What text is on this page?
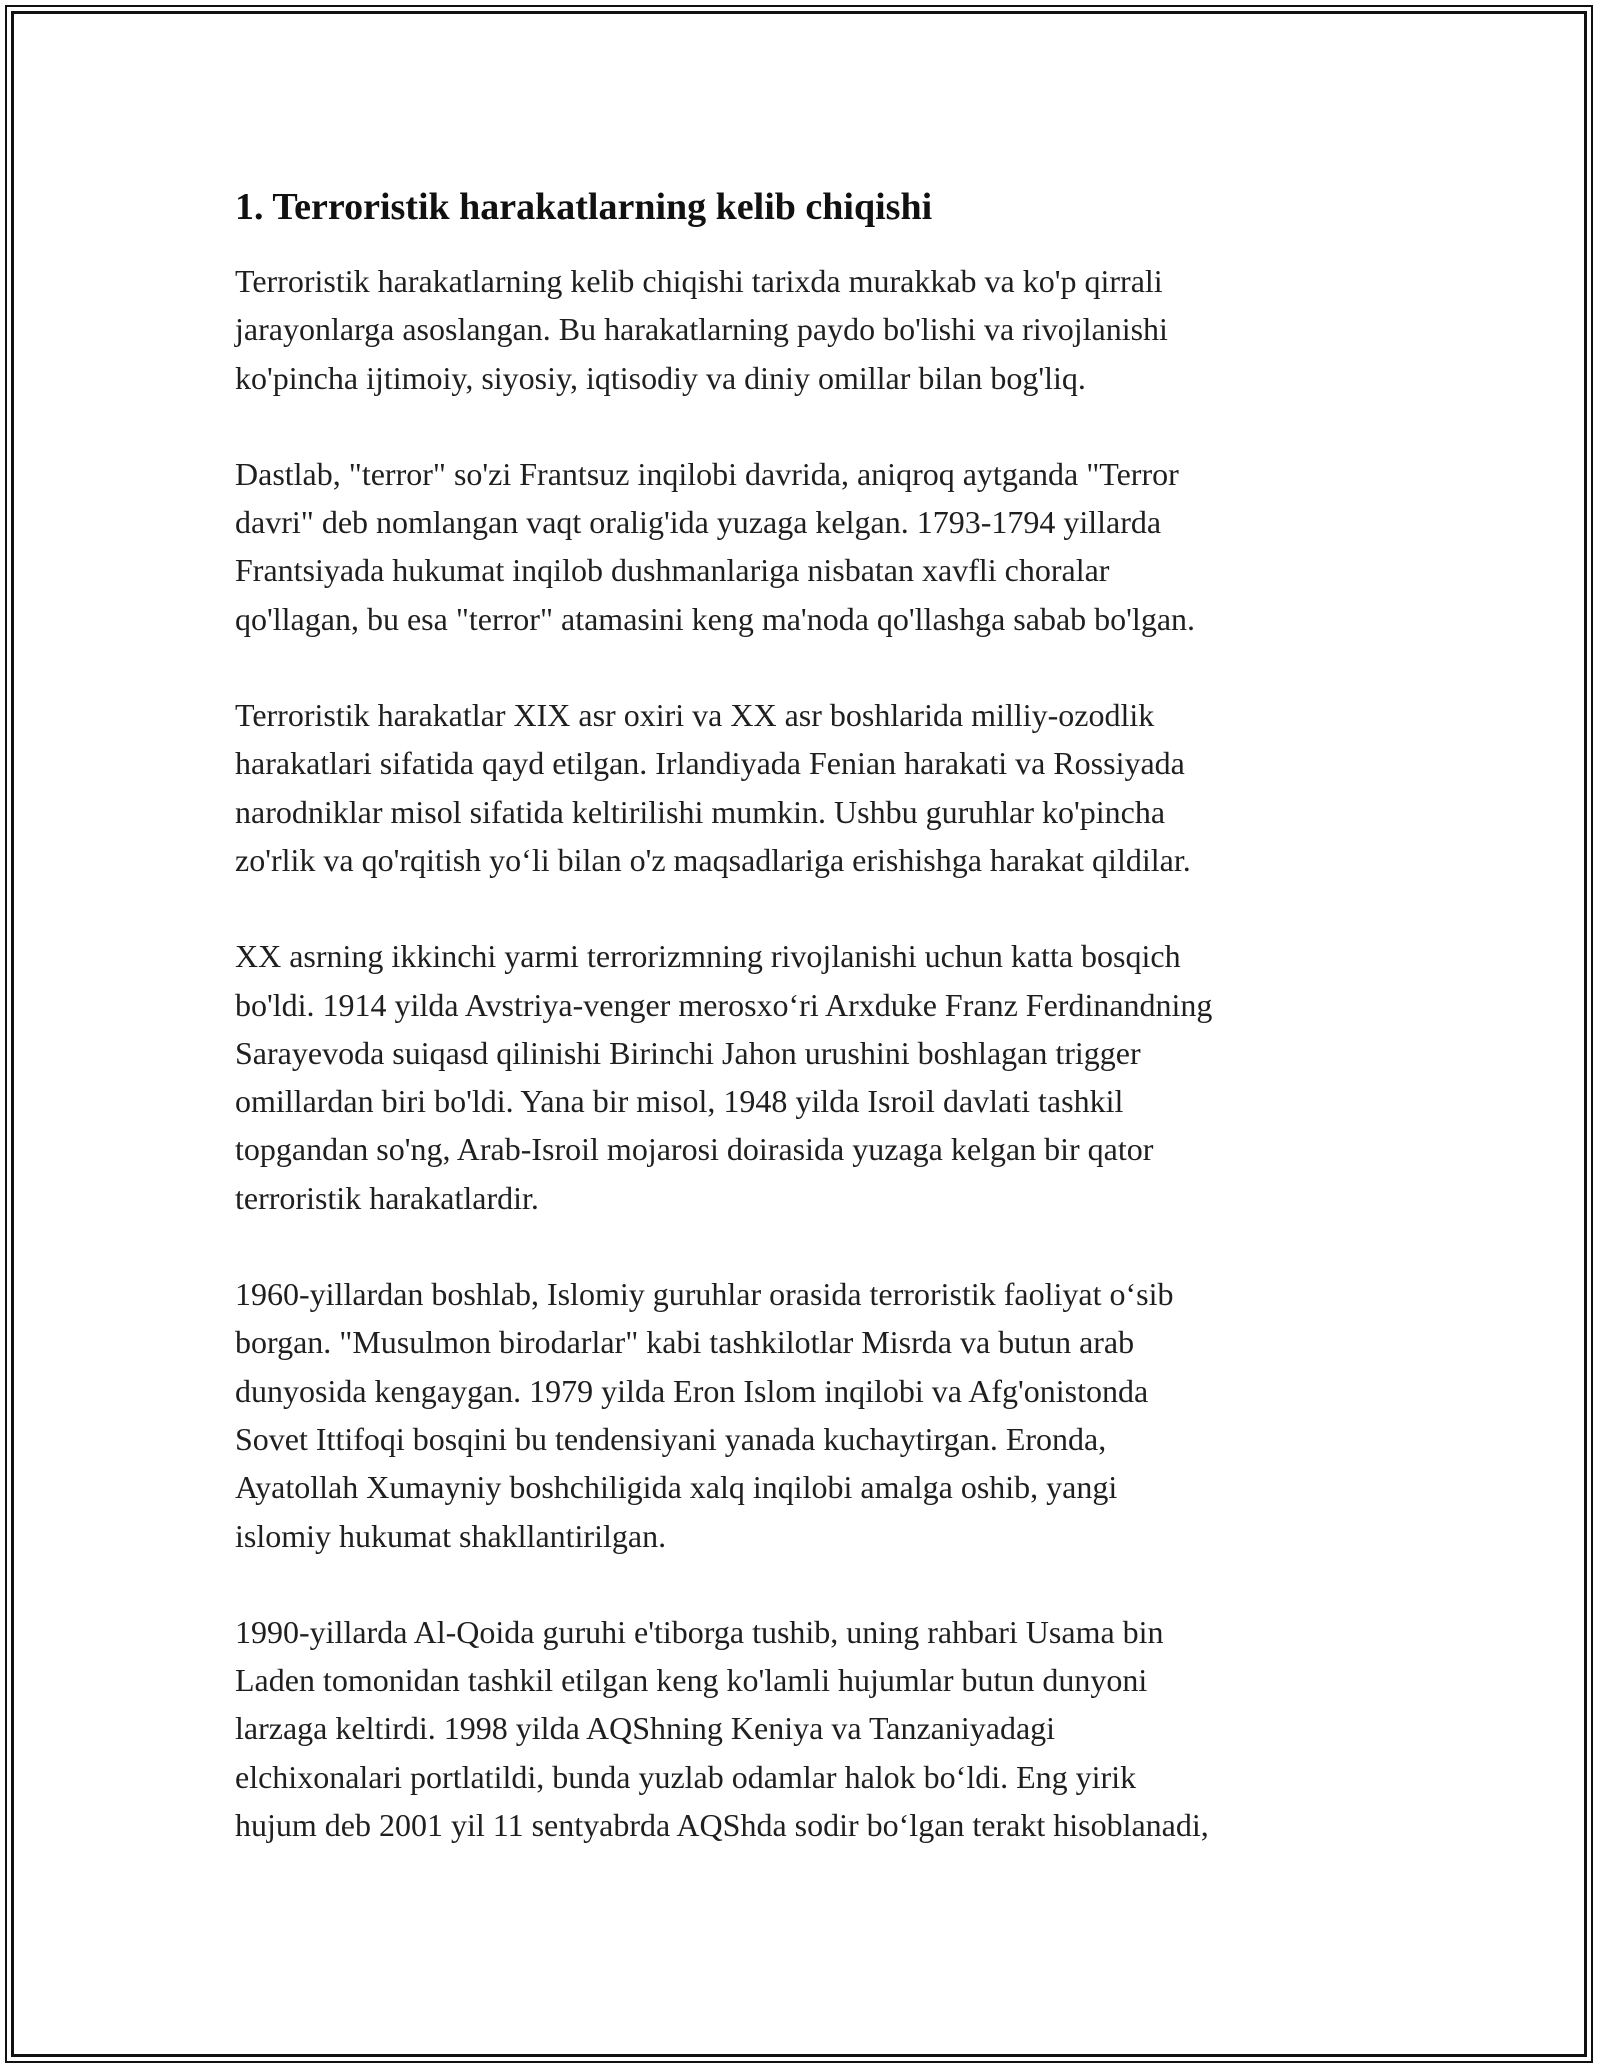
1. Terroristik harakatlarning kelib chiqishi

Terroristik harakatlarning kelib chiqishi tarixda murakkab va ko'p qirrali
jarayonlarga asoslangan. Bu harakatlarning paydo bo'lishi va rivojlanishi
ko'pincha ijtimoiy, siyosiy, iqtisodiy va diniy omillar bilan bog'liq.

Dastlab, "terror" so'zi Frantsuz inqilobi davrida, aniqroq aytganda "Terror
davri" deb nomlangan vaqt oralig'ida yuzaga kelgan. 1793-1794 yillarda
Frantsiyada hukumat inqilob dushmanlariga nisbatan xavfli choralar
qo'llagan, bu esa "terror" atamasini keng ma'noda qo'llashga sabab bo'lgan.

Terroristik harakatlar XIX asr oxiri va XX asr boshlarida milliy-ozodlik
harakatlari sifatida qayd etilgan. Irlandiyada Fenian harakati va Rossiyada
narodniklar misol sifatida keltirilishi mumkin. Ushbu guruhlar ko'pincha
zo'rlik va qo'rqitish yo‘li bilan o'z maqsadlariga erishishga harakat qildilar.

XX asrning ikkinchi yarmi terrorizmning rivojlanishi uchun katta bosqich
bo'ldi. 1914 yilda Avstriya-venger merosxo‘ri Arxduke Franz Ferdinandning
Sarayevoda suiqasd qilinishi Birinchi Jahon urushini boshlagan trigger
omillardan biri bo'ldi. Yana bir misol, 1948 yilda Isroil davlati tashkil
topgandan so'ng, Arab-Isroil mojarosi doirasida yuzaga kelgan bir qator
terroristik harakatlardir.

1960-yillardan boshlab, Islomiy guruhlar orasida terroristik faoliyat o‘sib
borgan. "Musulmon birodarlar" kabi tashkilotlar Misrda va butun arab
dunyosida kengaygan. 1979 yilda Eron Islom inqilobi va Afg'onistonda
Sovet Ittifoqi bosqini bu tendensiyani yanada kuchaytirgan. Eronda,
Ayatollah Xumayniy boshchiligida xalq inqilobi amalga oshib, yangi
islomiy hukumat shakllantirilgan.

1990-yillarda Al-Qoida guruhi e'tiborga tushib, uning rahbari Usama bin
Laden tomonidan tashkil etilgan keng ko'lamli hujumlar butun dunyoni
larzaga keltirdi. 1998 yilda AQShning Keniya va Tanzaniyadagi
elchixonalari portlatildi, bunda yuzlab odamlar halok bo‘ldi. Eng yirik
hujum deb 2001 yil 11 sentyabrda AQShda sodir bo‘lgan terakt hisoblanadi,
